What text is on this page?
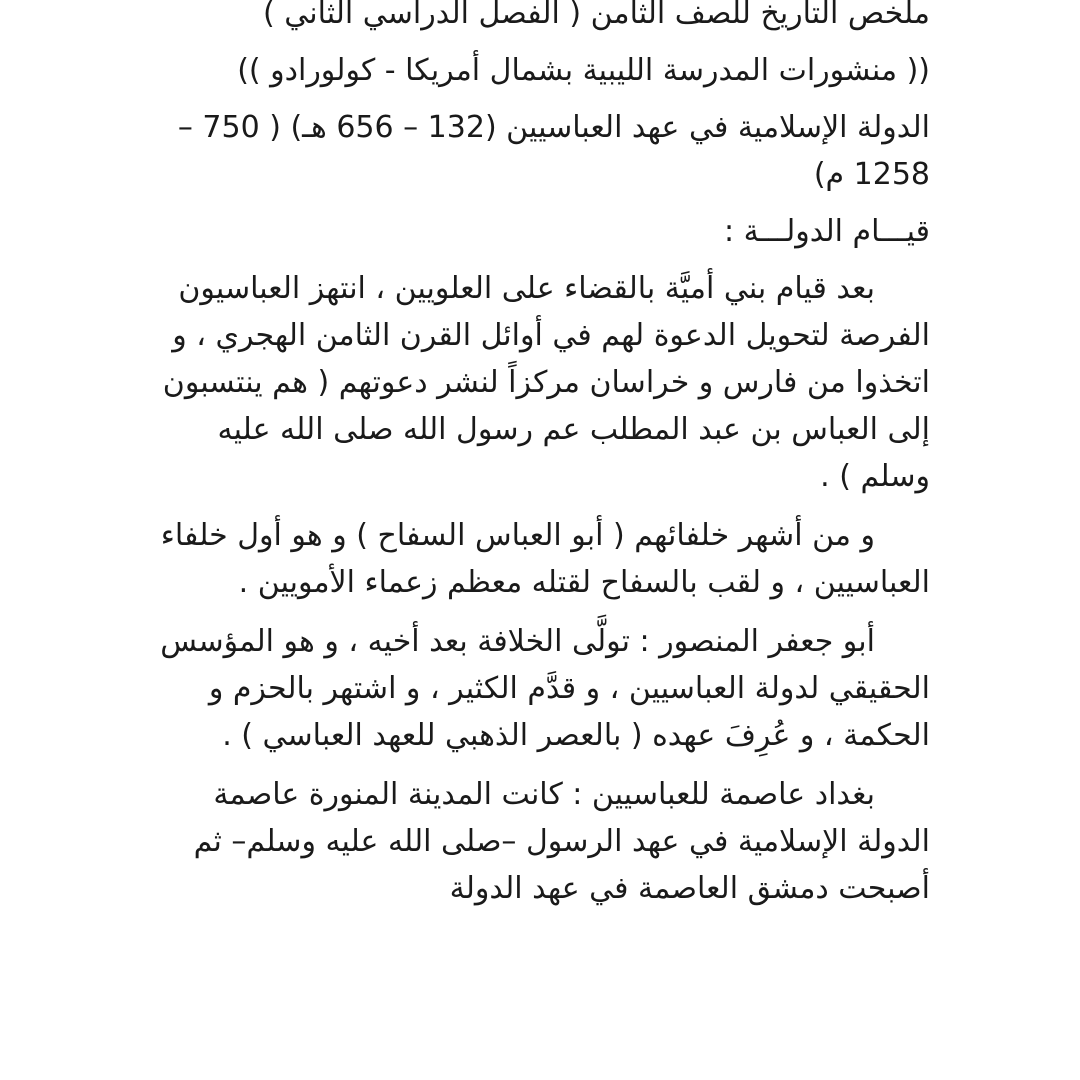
ملخص التاريخ للصف الثامن ( الفصل الدراسي الثاني )

(( منشورات المدرسة الليبية بشمال أمريكا - كولورادو ))

الدولة الإسلامية في عهد العباسيين (132 – 656 هـ) ( 750 – 1258 م)

قيـــام الدولـــة :

بعد قيام بني أميَّة بالقضاء على العلويين ، انتهز العباسيون الفرصة لتحويل الدعوة لهم في أوائل القرن الثامن الهجري ، و اتخذوا من فارس و خراسان مركزاً لنشر دعوتهم ( هم ينتسبون إلى العباس بن عبد المطلب عم رسول الله صلى الله عليه وسلم ) .

و من أشهر خلفائهم ( أبو العباس السفاح ) و هو أول خلفاء العباسيين ، و لقب بالسفاح لقتله معظم زعماء الأمويين .

أبو جعفر المنصور : تولَّى الخلافة بعد أخيه ، و هو المؤسس الحقيقي لدولة العباسيين ، و قدَّم الكثير ، و اشتهر بالحزم و الحكمة ، و عُرِفَ عهده ( بالعصر الذهبي للعهد العباسي ) .

بغداد عاصمة للعباسيين : كانت المدينة المنورة عاصمة الدولة الإسلامية في عهد الرسول –صلى الله عليه وسلم– ثم أصبحت دمشق العاصمة في عهد الدولة
